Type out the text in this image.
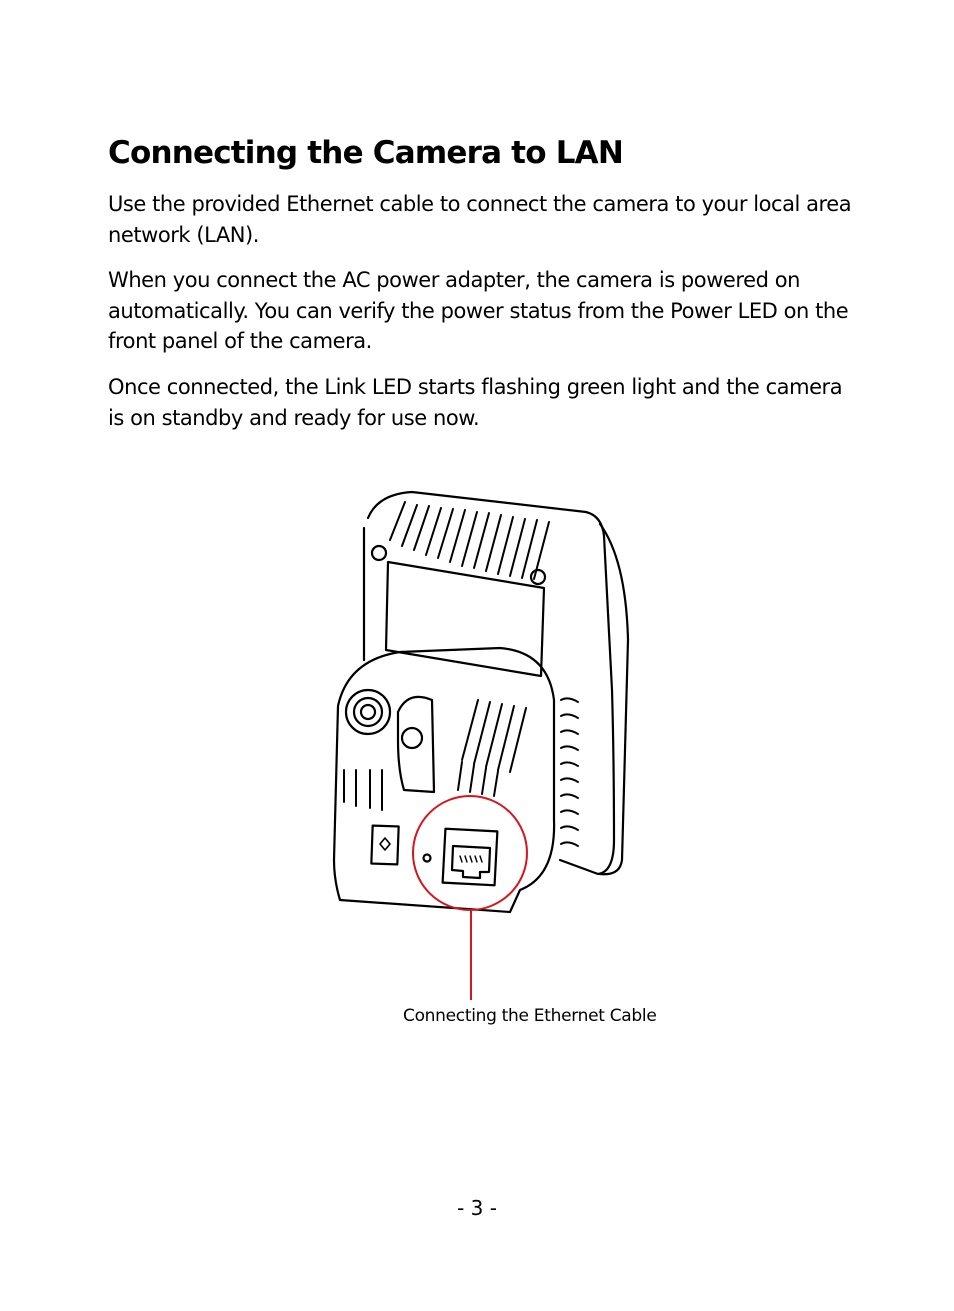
Connecting the Camera to LAN

Use the provided Ethernet cable to connect the camera to your local area network (LAN).

When you connect the AC power adapter, the camera is powered on automatically. You can verify the power status from the Power LED on the front panel of the camera.

Once connected, the Link LED starts flashing green light and the camera is on standby and ready for use now.

Connecting the Ethernet Cable
- 3 -
